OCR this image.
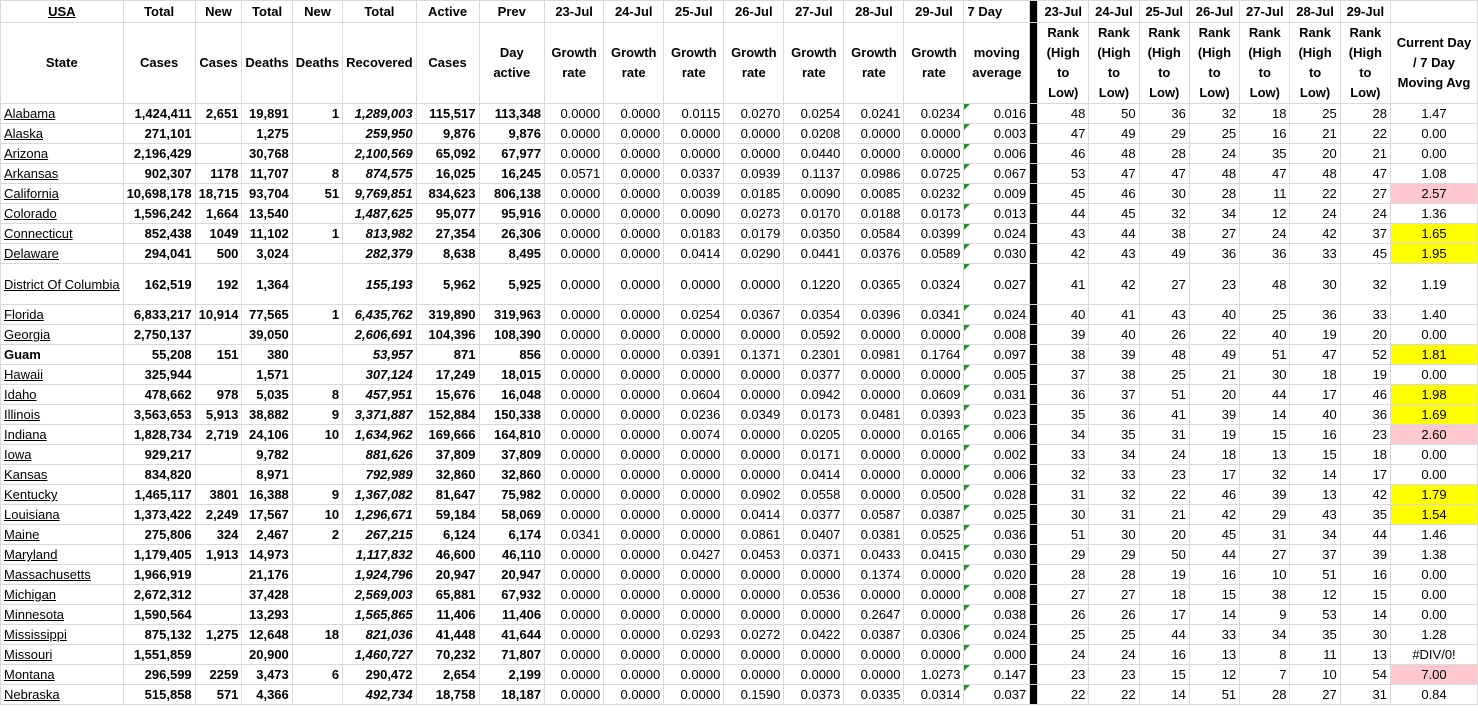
USA	Total	New	Total	New	Total	Active	Prev	23-Jul	24-Jul	25-Jul	26-Jul	27-Jul	28-Jul	29-Jul	7 Day		23-Jul	24-Jul	25-Jul	26-Jul	27-Jul	28-Jul	29-Jul	
State	Cases	Cases	Deaths	Deaths	Recovered	Cases	Day active	Growth rate	Growth rate	Growth rate	Growth rate	Growth rate	Growth rate	Growth rate	moving average		Rank (High to Low)	Rank (High to Low)	Rank (High to Low)	Rank (High to Low)	Rank (High to Low)	Rank (High to Low)	Rank (High to Low)	Current Day / 7 Day Moving Avg
Alabama	1,424,411	2,651	19,891	1	1,289,003	115,517	113,348	0.0000	0.0000	0.0115	0.0270	0.0254	0.0241	0.0234	0.016		48	50	36	32	18	25	28	1.47
Alaska	271,101		1,275		259,950	9,876	9,876	0.0000	0.0000	0.0000	0.0000	0.0208	0.0000	0.0000	0.003		47	49	29	25	16	21	22	0.00
Arizona	2,196,429		30,768		2,100,569	65,092	67,977	0.0000	0.0000	0.0000	0.0000	0.0440	0.0000	0.0000	0.006		46	48	28	24	35	20	21	0.00
Arkansas	902,307	1178	11,707	8	874,575	16,025	16,245	0.0571	0.0000	0.0337	0.0939	0.1137	0.0986	0.0725	0.067		53	47	47	48	47	48	47	1.08
California	10,698,178	18,715	93,704	51	9,769,851	834,623	806,138	0.0000	0.0000	0.0039	0.0185	0.0090	0.0085	0.0232	0.009		45	46	30	28	11	22	27	2.57
Colorado	1,596,242	1,664	13,540		1,487,625	95,077	95,916	0.0000	0.0000	0.0090	0.0273	0.0170	0.0188	0.0173	0.013		44	45	32	34	12	24	24	1.36
Connecticut	852,438	1049	11,102	1	813,982	27,354	26,306	0.0000	0.0000	0.0183	0.0179	0.0350	0.0584	0.0399	0.024		43	44	38	27	24	42	37	1.65
Delaware	294,041	500	3,024		282,379	8,638	8,495	0.0000	0.0000	0.0414	0.0290	0.0441	0.0376	0.0589	0.030		42	43	49	36	36	33	45	1.95
District Of Columbia	162,519	192	1,364		155,193	5,962	5,925	0.0000	0.0000	0.0000	0.0000	0.1220	0.0365	0.0324	0.027		41	42	27	23	48	30	32	1.19
Florida	6,833,217	10,914	77,565	1	6,435,762	319,890	319,963	0.0000	0.0000	0.0254	0.0367	0.0354	0.0396	0.0341	0.024		40	41	43	40	25	36	33	1.40
Georgia	2,750,137		39,050		2,606,691	104,396	108,390	0.0000	0.0000	0.0000	0.0000	0.0592	0.0000	0.0000	0.008		39	40	26	22	40	19	20	0.00
Guam	55,208	151	380		53,957	871	856	0.0000	0.0000	0.0391	0.1371	0.2301	0.0981	0.1764	0.097		38	39	48	49	51	47	52	1.81
Hawaii	325,944		1,571		307,124	17,249	18,015	0.0000	0.0000	0.0000	0.0000	0.0377	0.0000	0.0000	0.005		37	38	25	21	30	18	19	0.00
Idaho	478,662	978	5,035	8	457,951	15,676	16,048	0.0000	0.0000	0.0604	0.0000	0.0942	0.0000	0.0609	0.031		36	37	51	20	44	17	46	1.98
Illinois	3,563,653	5,913	38,882	9	3,371,887	152,884	150,338	0.0000	0.0000	0.0236	0.0349	0.0173	0.0481	0.0393	0.023		35	36	41	39	14	40	36	1.69
Indiana	1,828,734	2,719	24,106	10	1,634,962	169,666	164,810	0.0000	0.0000	0.0074	0.0000	0.0205	0.0000	0.0165	0.006		34	35	31	19	15	16	23	2.60
Iowa	929,217		9,782		881,626	37,809	37,809	0.0000	0.0000	0.0000	0.0000	0.0171	0.0000	0.0000	0.002		33	34	24	18	13	15	18	0.00
Kansas	834,820		8,971		792,989	32,860	32,860	0.0000	0.0000	0.0000	0.0000	0.0414	0.0000	0.0000	0.006		32	33	23	17	32	14	17	0.00
Kentucky	1,465,117	3801	16,388	9	1,367,082	81,647	75,982	0.0000	0.0000	0.0000	0.0902	0.0558	0.0000	0.0500	0.028		31	32	22	46	39	13	42	1.79
Louisiana	1,373,422	2,249	17,567	10	1,296,671	59,184	58,069	0.0000	0.0000	0.0000	0.0414	0.0377	0.0587	0.0387	0.025		30	31	21	42	29	43	35	1.54
Maine	275,806	324	2,467	2	267,215	6,124	6,174	0.0341	0.0000	0.0000	0.0861	0.0407	0.0381	0.0525	0.036		51	30	20	45	31	34	44	1.46
Maryland	1,179,405	1,913	14,973		1,117,832	46,600	46,110	0.0000	0.0000	0.0427	0.0453	0.0371	0.0433	0.0415	0.030		29	29	50	44	27	37	39	1.38
Massachusetts	1,966,919		21,176		1,924,796	20,947	20,947	0.0000	0.0000	0.0000	0.0000	0.0000	0.1374	0.0000	0.020		28	28	19	16	10	51	16	0.00
Michigan	2,672,312		37,428		2,569,003	65,881	67,932	0.0000	0.0000	0.0000	0.0000	0.0536	0.0000	0.0000	0.008		27	27	18	15	38	12	15	0.00
Minnesota	1,590,564		13,293		1,565,865	11,406	11,406	0.0000	0.0000	0.0000	0.0000	0.0000	0.2647	0.0000	0.038		26	26	17	14	9	53	14	0.00
Mississippi	875,132	1,275	12,648	18	821,036	41,448	41,644	0.0000	0.0000	0.0293	0.0272	0.0422	0.0387	0.0306	0.024		25	25	44	33	34	35	30	1.28
Missouri	1,551,859		20,900		1,460,727	70,232	71,807	0.0000	0.0000	0.0000	0.0000	0.0000	0.0000	0.0000	0.000		24	24	16	13	8	11	13	#DIV/0!
Montana	296,599	2259	3,473	6	290,472	2,654	2,199	0.0000	0.0000	0.0000	0.0000	0.0000	0.0000	1.0273	0.147		23	23	15	12	7	10	54	7.00
Nebraska	515,858	571	4,366		492,734	18,758	18,187	0.0000	0.0000	0.0000	0.1590	0.0373	0.0335	0.0314	0.037		22	22	14	51	28	27	31	0.84
